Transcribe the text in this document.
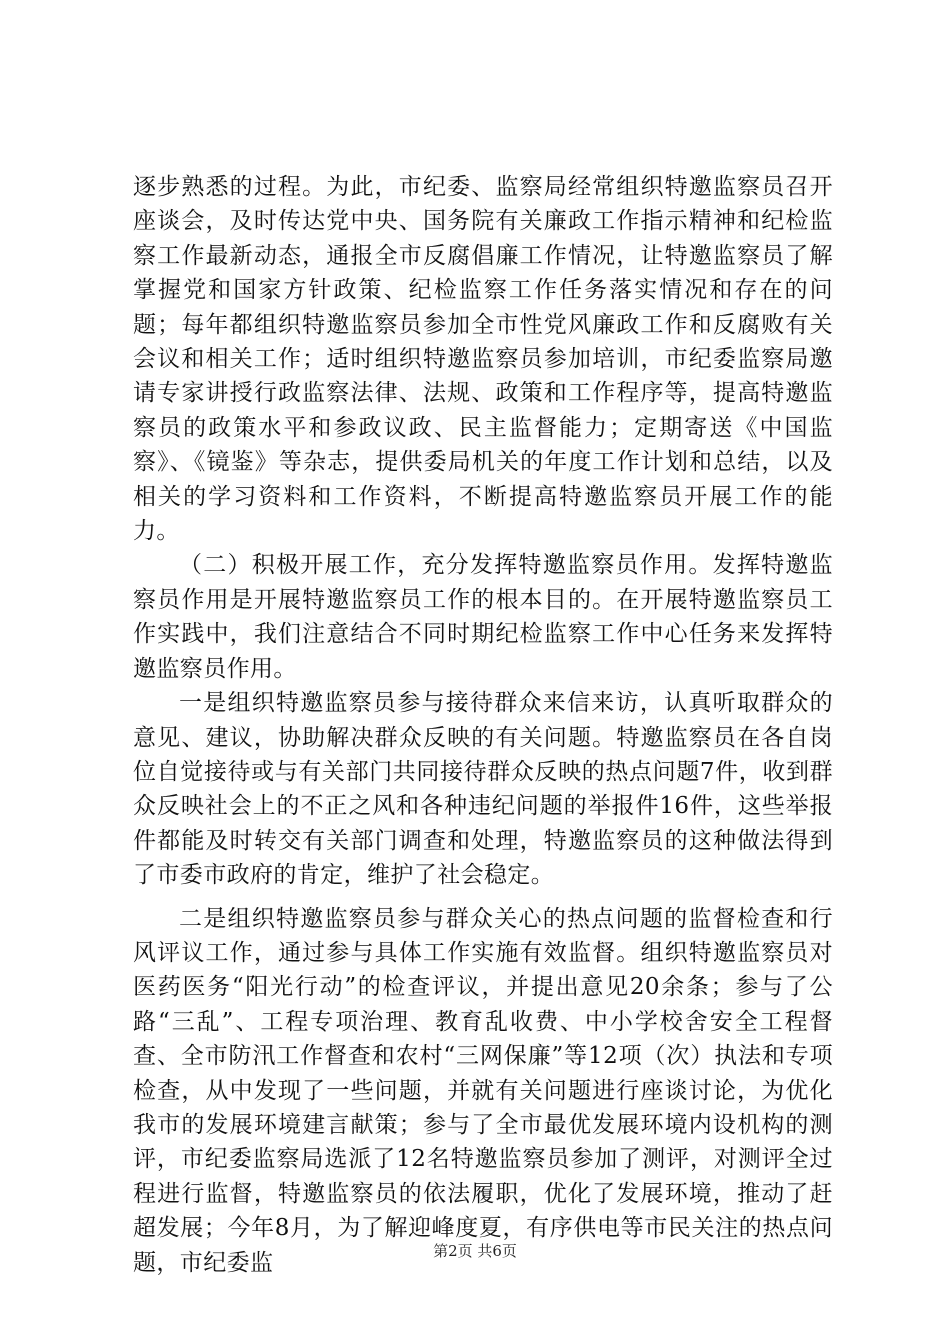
逐步熟悉的过程。为此，市纪委、监察局经常组织特邀监察员召开座谈会，及时传达党中央、国务院有关廉政工作指示精神和纪检监察工作最新动态，通报全市反腐倡廉工作情况，让特邀监察员了解掌握党和国家方针政策、纪检监察工作任务落实情况和存在的问题；每年都组织特邀监察员参加全市性党风廉政工作和反腐败有关会议和相关工作；适时组织特邀监察员参加培训，市纪委监察局邀请专家讲授行政监察法律、法规、政策和工作程序等，提高特邀监察员的政策水平和参政议政、民主监督能力；定期寄送《中国监察》、《镜鉴》等杂志，提供委局机关的年度工作计划和总结，以及相关的学习资料和工作资料，不断提高特邀监察员开展工作的能力。

（二）积极开展工作，充分发挥特邀监察员作用。发挥特邀监察员作用是开展特邀监察员工作的根本目的。在开展特邀监察员工作实践中，我们注意结合不同时期纪检监察工作中心任务来发挥特邀监察员作用。

一是组织特邀监察员参与接待群众来信来访，认真听取群众的意见、建议，协助解决群众反映的有关问题。特邀监察员在各自岗位自觉接待或与有关部门共同接待群众反映的热点问题7件，收到群众反映社会上的不正之风和各种违纪问题的举报件16件，这些举报件都能及时转交有关部门调查和处理，特邀监察员的这种做法得到了市委市政府的肯定，维护了社会稳定。

二是组织特邀监察员参与群众关心的热点问题的监督检查和行风评议工作，通过参与具体工作实施有效监督。组织特邀监察员对医药医务“阳光行动”的检查评议，并提出意见20余条；参与了公路“三乱”、工程专项治理、教育乱收费、中小学校舍安全工程督查、全市防汛工作督查和农村“三网保廉”等12项（次）执法和专项检查，从中发现了一些问题，并就有关问题进行座谈讨论，为优化我市的发展环境建言献策；参与了全市最优发展环境内设机构的测评，市纪委监察局选派了12名特邀监察员参加了测评，对测评全过程进行监督，特邀监察员的依法履职，优化了发展环境，推动了赶超发展；今年8月，为了解迎峰度夏，有序供电等市民关注的热点问题，市纪委监	第2页 共6页
